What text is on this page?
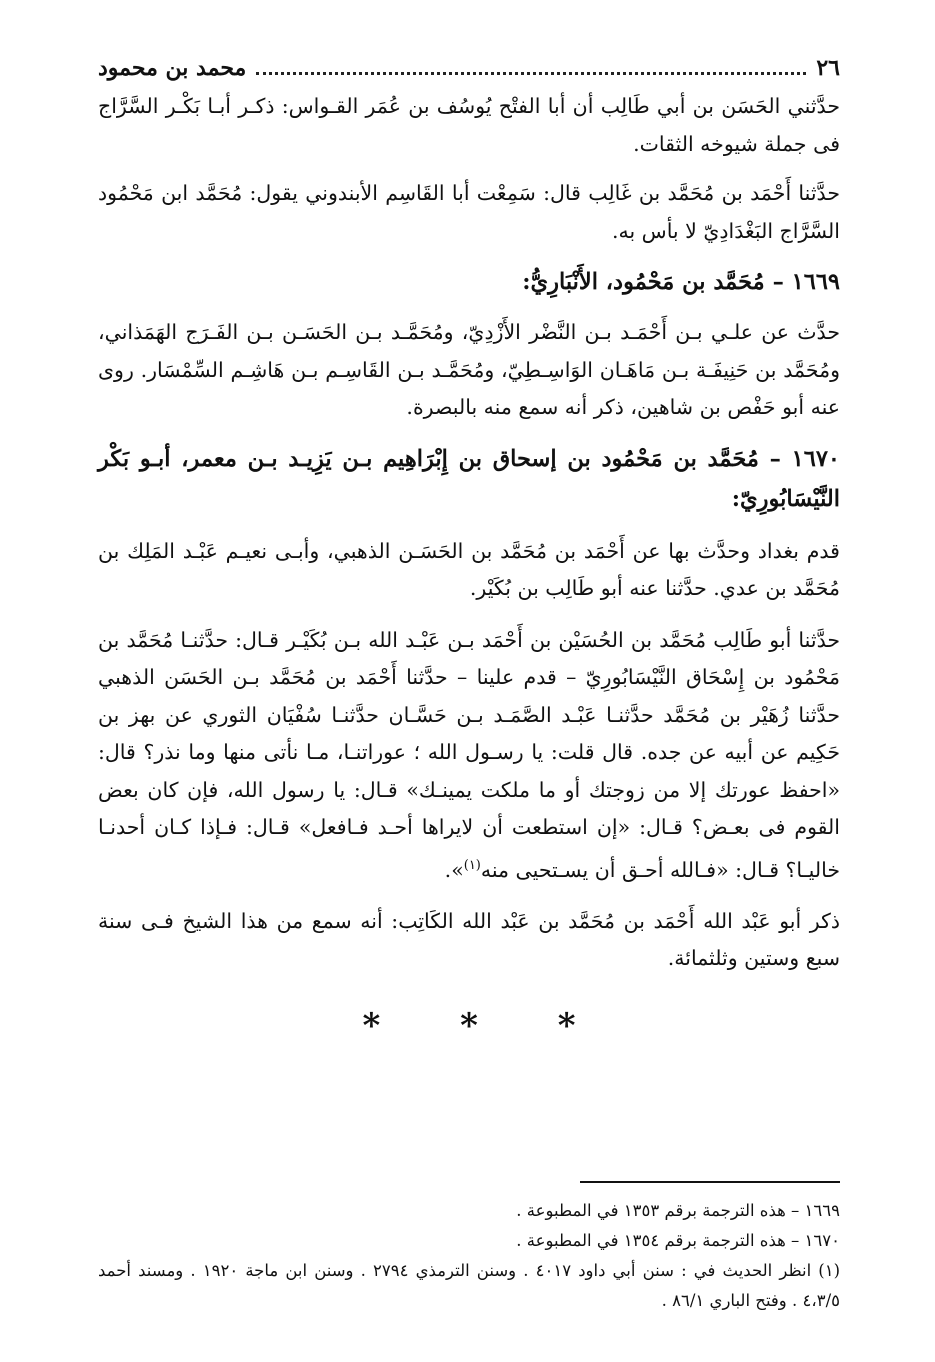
٢٦
محمد بن محمود

حدَّثني الحَسَن بن أبي طَالِب أن أبا الفتْح يُوسُف بن عُمَر القـواس: ذكـر أبـا بَكْـر السَّرَّاج فى جملة شيوخه الثقات.

حدَّثنا أَحْمَد بن مُحَمَّد بن غَالِب قال: سَمِعْت أبا القَاسِم الأبندوني يقول: مُحَمَّد ابن مَحْمُود السَّرَّاج البَغْدَادِيّ لا بأس به.

١٦٦٩ – مُحَمَّد بن مَحْمُود، الأَنْبَارِيُّ:

حدَّث عن علـي بـن أَحْمَـد بـن النَّضْر الأَزْدِيّ، ومُحَمَّـد بـن الحَسَـن بـن الفَـرَج الهَمَذاني، ومُحَمَّد بن حَنِيفَـة بـن مَاهَـان الوَاسِـطِيّ، ومُحَمَّـد بـن القَاسِـم بـن هَاشِـم السِّمْسَار. روى عنه أبو حَفْص بن شاهين، ذكر أنه سمع منه بالبصرة.

١٦٧٠ – مُحَمَّد بن مَحْمُود بن إسحاق بن إِبْرَاهِيم بـن يَزِيـد بـن معمر، أبـو بَكْر النَّيْسَابُورِيّ:

قدم بغداد وحدَّث بها عن أَحْمَد بن مُحَمَّد بن الحَسَـن الذهبي، وأبـى نعيـم عَبْـد المَلِك بن مُحَمَّد بن عدي. حدَّثنا عنه أبو طَالِب بن بُكَيْر.

حدَّثنا أبو طَالِب مُحَمَّد بن الحُسَيْن بن أَحْمَد بـن عَبْـد الله بـن بُكَيْـر قـال: حدَّثنـا مُحَمَّد بن مَحْمُود بن إِسْحَاق النَّيْسَابُورِيّ – قدم علينا – حدَّثنا أَحْمَد بن مُحَمَّد بـن الحَسَن الذهبي حدَّثنا زُهَيْر بن مُحَمَّد حدَّثنـا عَبْـد الصَّمَـد بـن حَسَّـان حدَّثنـا سُفْيَان الثوري عن بهز بن حَكِيم عن أبيه عن جده. قال قلت: يا رسـول الله ؛ عوراتنـا، مـا نأتى منها وما نذر؟ قال: «احفظ عورتك إلا من زوجتك أو ما ملكت يمينـك» قـال: يا رسول الله، فإن كان بعض القوم فى بعـض؟ قـال: «إن استطعت أن لايراها أحـد فـافعل» قـال: فـإذا كـان أحدنـا خاليـا؟ قـال: «فـالله أحـق أن يسـتحيى منه$^{(١)}$».

ذكر أبو عَبْد الله أَحْمَد بن مُحَمَّد بن عَبْد الله الكَاتِب: أنه سمع من هذا الشيخ فـى سنة سبع وستين وثلثمائة.

* * *

١٦٦٩ – هذه الترجمة برقم ١٣٥٣ في المطبوعة .

١٦٧٠ – هذه الترجمة برقم ١٣٥٤ في المطبوعة .

(١) انظر الحديث في : سنن أبي داود ٤٠١٧ . وسنن الترمذي ٢٧٩٤ . وسنن ابن ماجة ١٩٢٠ . ومسند أحمد ٤،٣/٥ . وفتح الباري ٨٦/١ .
